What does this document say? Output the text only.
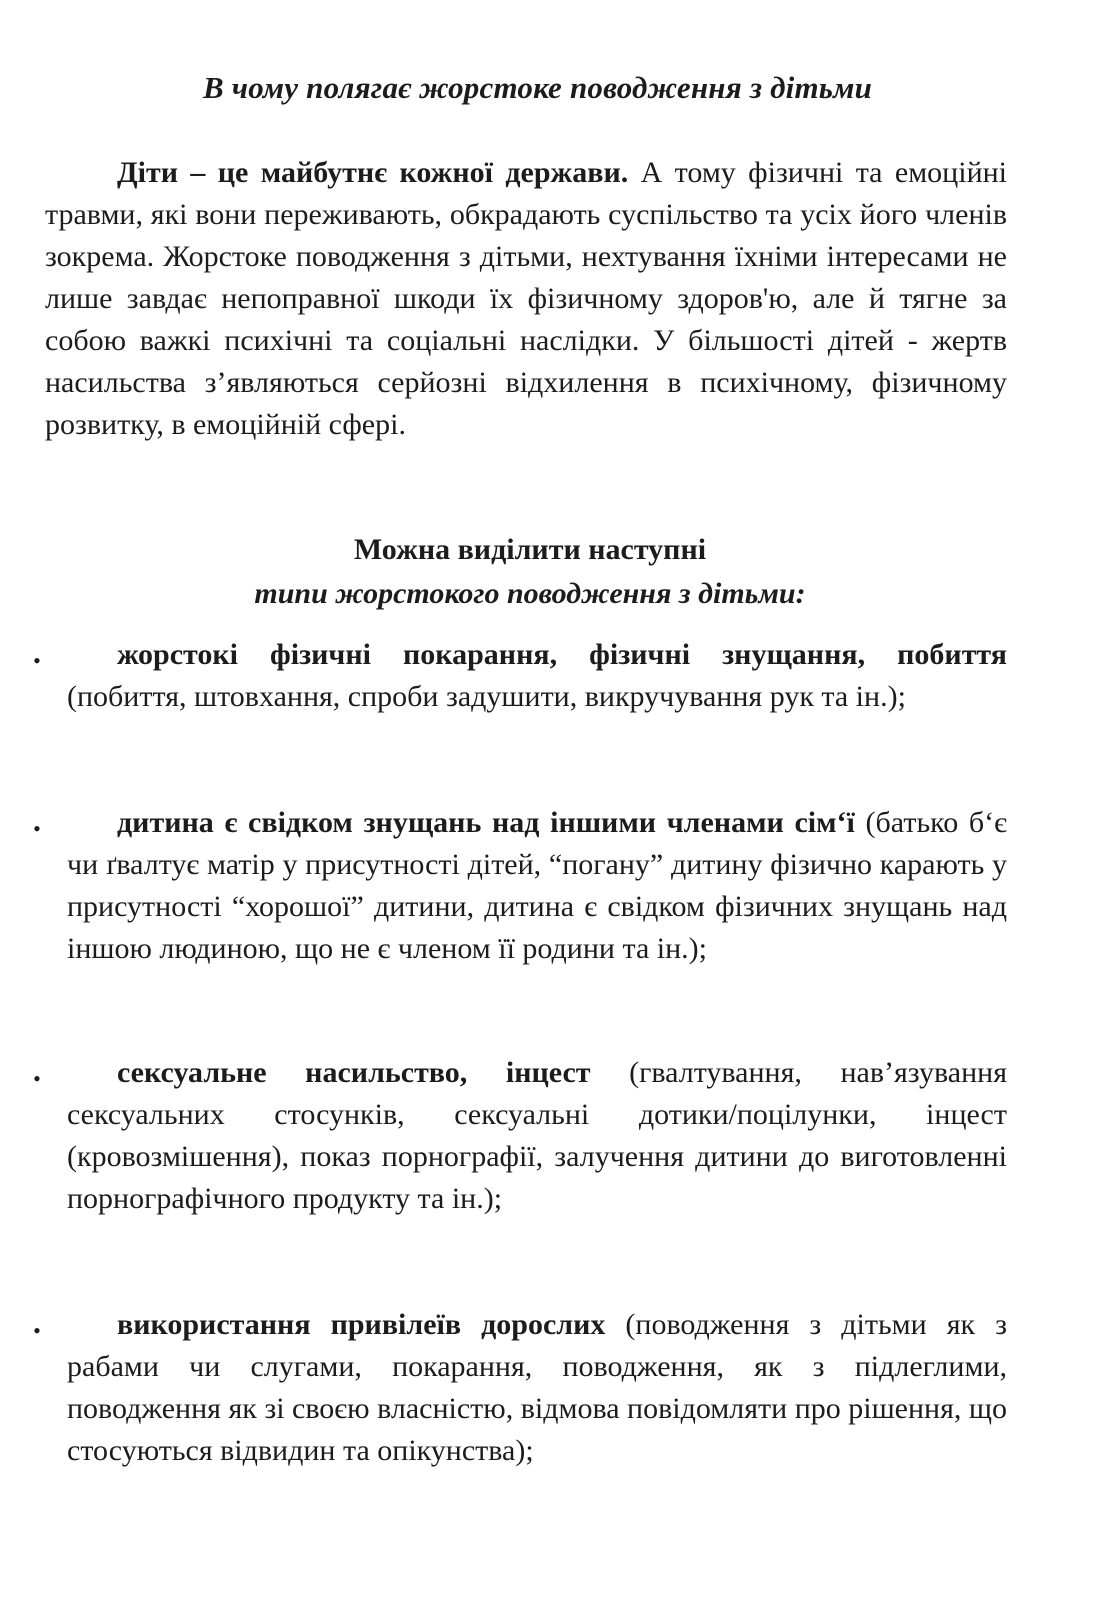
В чому полягає жорстоке поводження з дітьми

Діти – це майбутнє кожної держави. А тому фізичні та емоційні травми, які вони переживають, обкрадають суспільство та усіх його членів зокрема. Жорстоке поводження з дітьми, нехтування їхніми інтересами не лише завдає непоправної шкоди їх фізичному здоров'ю, але й тягне за собою важкі психічні та соціальні наслідки. У більшості дітей - жертв насильства з’являються серйозні відхилення в психічному, фізичному розвитку, в емоційній сфері.

Можна виділити наступні
типи жорстокого поводження з дітьми:
•	жорстокі фізичні покарання, фізичні знущання, побиття (побиття, штовхання, спроби задушити, викручування рук та ін.);

•	дитина є свідком знущань над іншими членами сім‘ї (батько б‘є чи ґвалтує матір у присутності дітей, “погану” дитину фізично карають у присутності “хорошої” дитини, дитина є свідком фізичних знущань над іншою людиною, що не є членом її родини та ін.);

•	сексуальне насильство, інцест (гвалтування, нав’язування сексуальних стосунків, сексуальні дотики/поцілунки, інцест (кровозмішення), показ порнографії, залучення дитини до виготовленні порнографічного продукту та ін.);

•	використання привілеїв дорослих (поводження з дітьми як з рабами чи слугами, покарання, поводження, як з підлеглими, поводження як зі своєю власністю, відмова повідомляти про рішення, що стосуються відвидин та опікунства);
